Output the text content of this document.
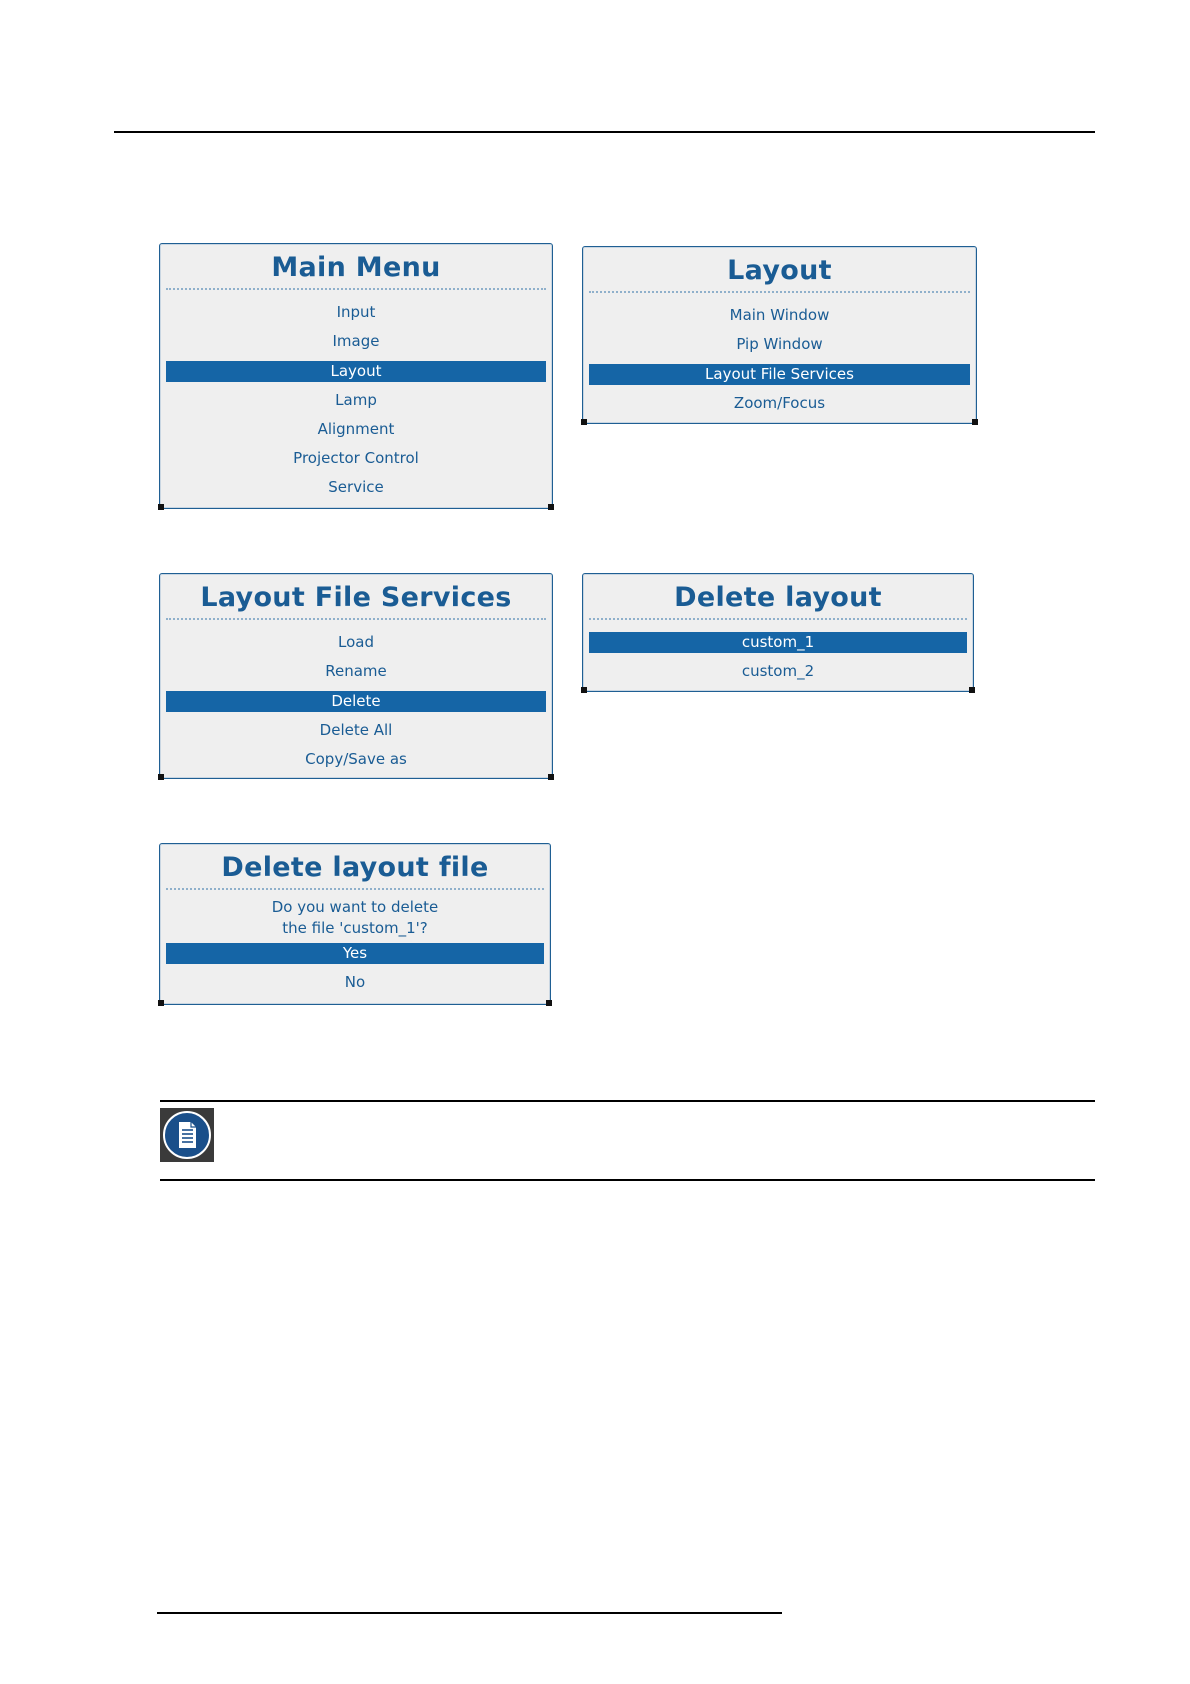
Main Menu
Input
Image
Layout
Lamp
Alignment
Projector Control
Service
Layout
Main Window
Pip Window
Layout File Services
Zoom/Focus
Layout File Services
Load
Rename
Delete
Delete All
Copy/Save as
Delete layout
custom_1
custom_2
Delete layout file
Do you want to delete
the file 'custom_1'?
Yes
No
